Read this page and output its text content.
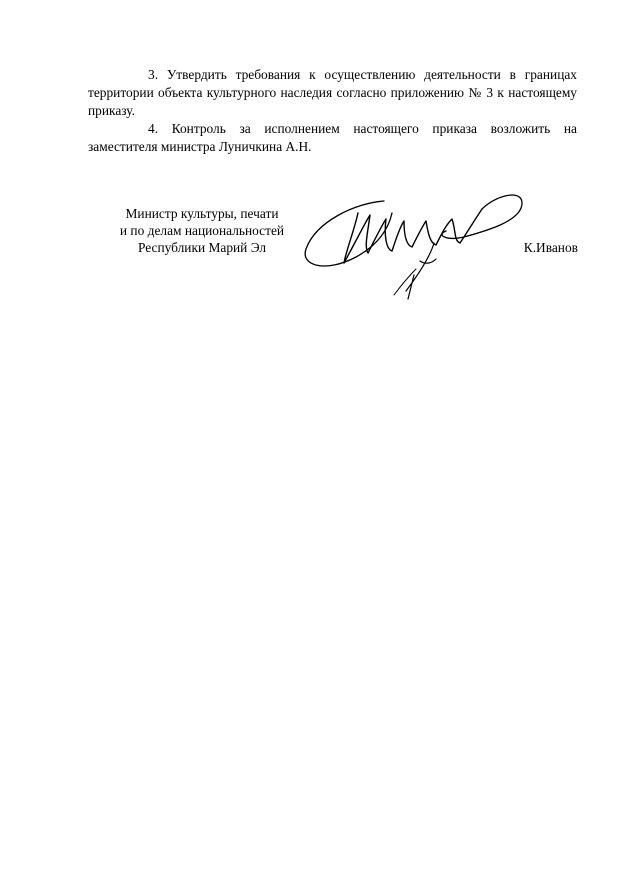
3. Утвердить требования к осуществлению деятельности в границах территории объекта культурного наследия согласно приложению № 3 к настоящему приказу.

4. Контроль за исполнением настоящего приказа возложить на заместителя министра Луничкина А.Н.

Министр культуры, печати
и по делам национальностей
Республики Марий Эл	К.Иванов
